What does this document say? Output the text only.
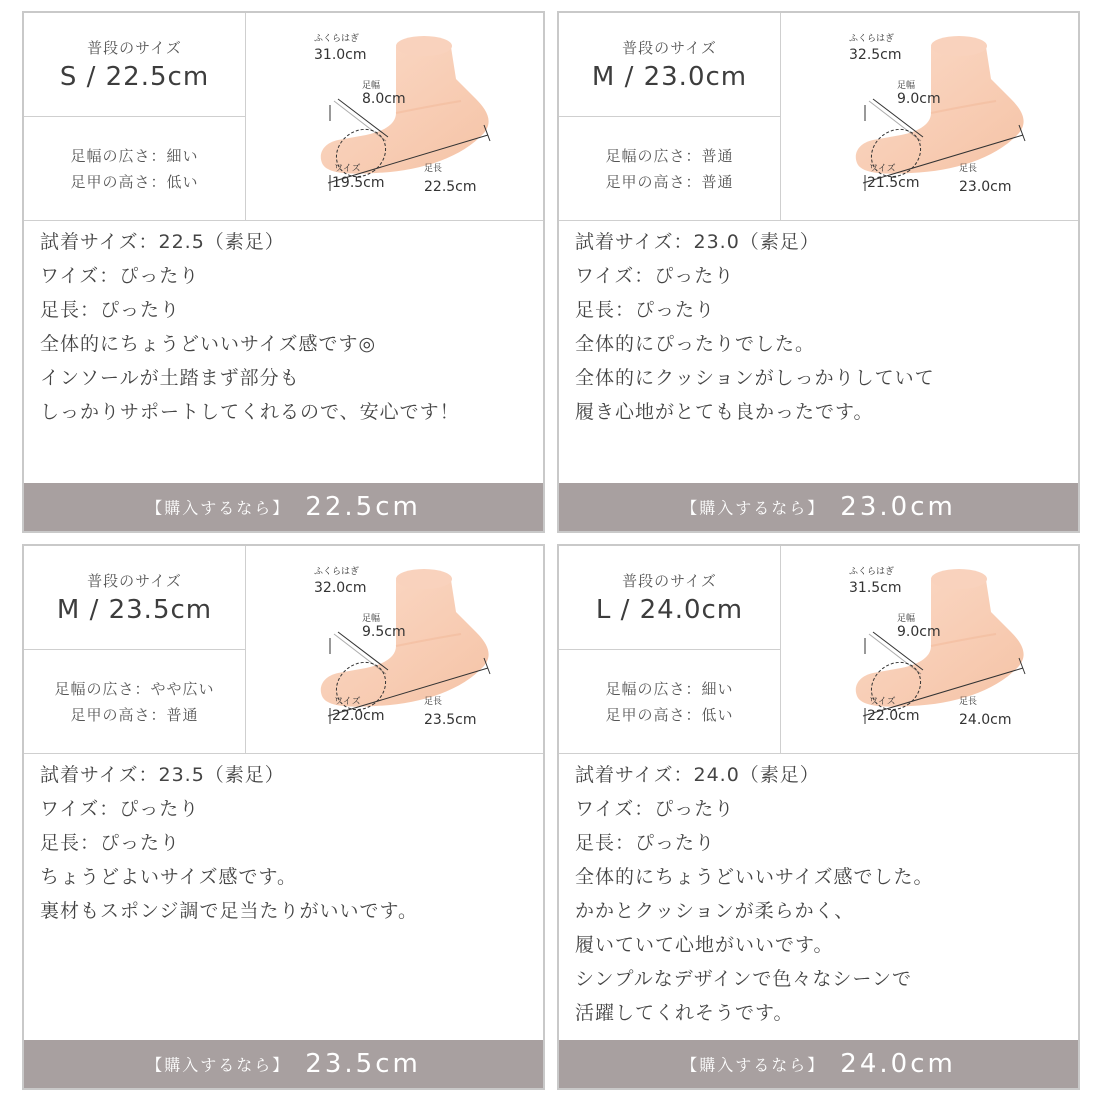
普段のサイズ
S / 22.5cm
足幅の広さ：細い
足甲の高さ：低い
ふくらはぎ
31.0cm
足幅
8.0cm
ワイズ
19.5cm
足長
22.5cm
試着サイズ：22.5（素足）
ワイズ：ぴったり
足長：ぴったり
全体的にちょうどいいサイズ感です◎
インソールが土踏まず部分も
しっかりサポートしてくれるので、安心です！
【購入するなら】 22.5cm
普段のサイズ
M / 23.0cm
足幅の広さ：普通
足甲の高さ：普通
ふくらはぎ
32.5cm
足幅
9.0cm
ワイズ
21.5cm
足長
23.0cm
試着サイズ：23.0（素足）
ワイズ：ぴったり
足長：ぴったり
全体的にぴったりでした。
全体的にクッションがしっかりしていて
履き心地がとても良かったです。
【購入するなら】 23.0cm
普段のサイズ
M / 23.5cm
足幅の広さ：やや広い
足甲の高さ：普通
ふくらはぎ
32.0cm
足幅
9.5cm
ワイズ
22.0cm
足長
23.5cm
試着サイズ：23.5（素足）
ワイズ：ぴったり
足長：ぴったり
ちょうどよいサイズ感です。
裏材もスポンジ調で足当たりがいいです。
【購入するなら】 23.5cm
普段のサイズ
L / 24.0cm
足幅の広さ：細い
足甲の高さ：低い
ふくらはぎ
31.5cm
足幅
9.0cm
ワイズ
22.0cm
足長
24.0cm
試着サイズ：24.0（素足）
ワイズ：ぴったり
足長：ぴったり
全体的にちょうどいいサイズ感でした。
かかとクッションが柔らかく、
履いていて心地がいいです。
シンプルなデザインで色々なシーンで
活躍してくれそうです。
【購入するなら】 24.0cm
